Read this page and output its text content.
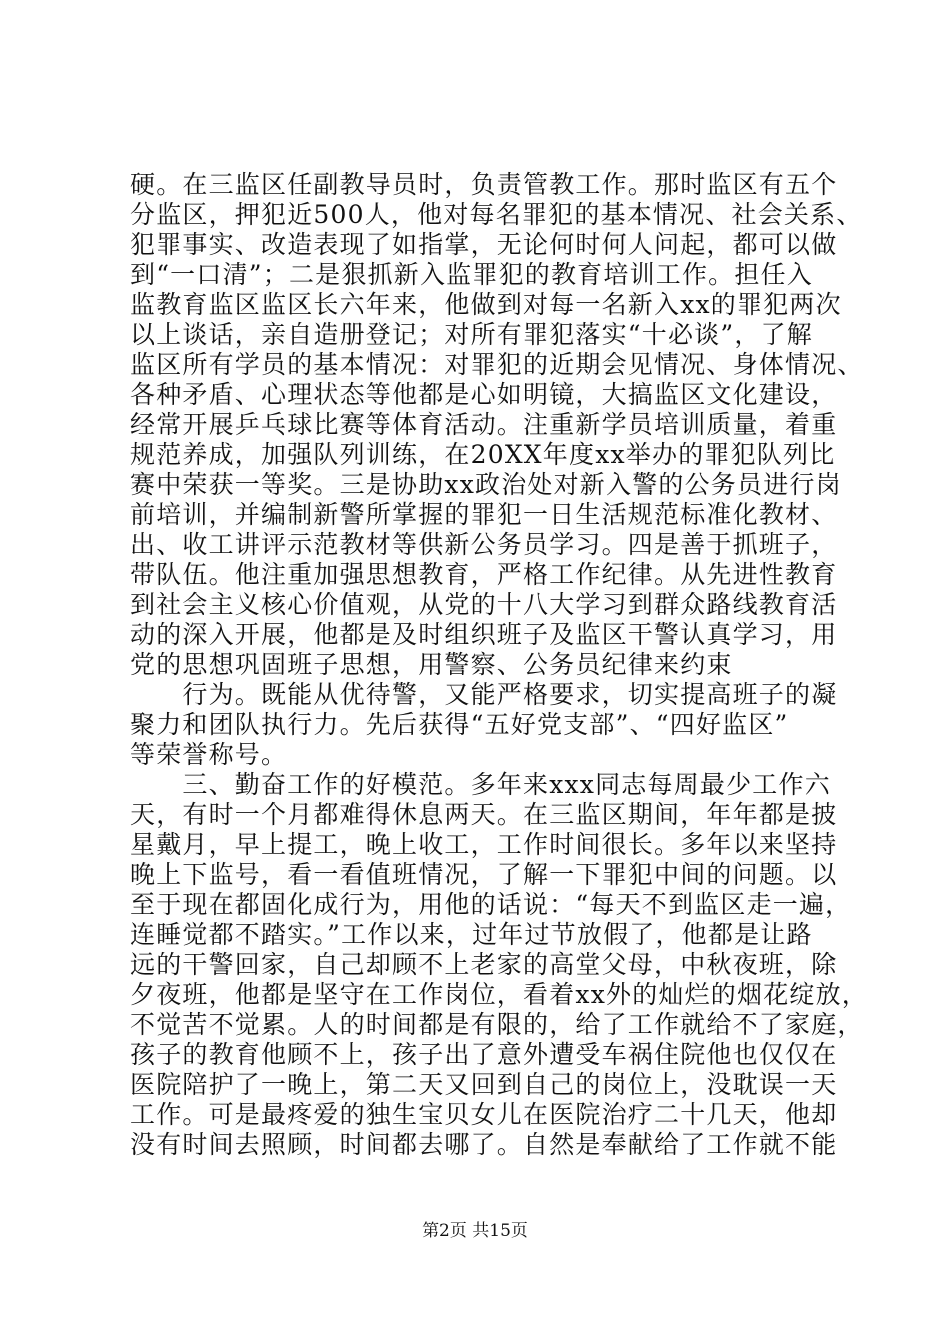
硬。在三监区任副教导员时，负责管教工作。那时监区有五个
分监区，押犯近500人，他对每名罪犯的基本情况、社会关系、
犯罪事实、改造表现了如指掌，无论何时何人问起，都可以做
到“一口清”；二是狠抓新入监罪犯的教育培训工作。担任入
监教育监区监区长六年来，他做到对每一名新入xx的罪犯两次
以上谈话，亲自造册登记；对所有罪犯落实“十必谈”，了解
监区所有学员的基本情况：对罪犯的近期会见情况、身体情况、
各种矛盾、心理状态等他都是心如明镜，大搞监区文化建设，
经常开展乒乓球比赛等体育活动。注重新学员培训质量，着重
规范养成，加强队列训练，在20XX年度xx举办的罪犯队列比
赛中荣获一等奖。三是协助xx政治处对新入警的公务员进行岗
前培训，并编制新警所掌握的罪犯一日生活规范标准化教材、
出、收工讲评示范教材等供新公务员学习。四是善于抓班子，
带队伍。他注重加强思想教育，严格工作纪律。从先进性教育
到社会主义核心价值观，从党的十八大学习到群众路线教育活
动的深入开展，他都是及时组织班子及监区干警认真学习，用
党的思想巩固班子思想，用警察、公务员纪律来约束
　　行为。既能从优待警，又能严格要求，切实提高班子的凝
聚力和团队执行力。先后获得“五好党支部”、“四好监区”
等荣誉称号。
　　三、勤奋工作的好模范。多年来xxx同志每周最少工作六
天，有时一个月都难得休息两天。在三监区期间，年年都是披
星戴月，早上提工，晚上收工，工作时间很长。多年以来坚持
晚上下监号，看一看值班情况，了解一下罪犯中间的问题。以
至于现在都固化成行为，用他的话说：“每天不到监区走一遍，
连睡觉都不踏实。”工作以来，过年过节放假了，他都是让路
远的干警回家，自己却顾不上老家的高堂父母，中秋夜班，除
夕夜班，他都是坚守在工作岗位，看着xx外的灿烂的烟花绽放，
不觉苦不觉累。人的时间都是有限的，给了工作就给不了家庭，
孩子的教育他顾不上，孩子出了意外遭受车祸住院他也仅仅在
医院陪护了一晚上，第二天又回到自己的岗位上，没耽误一天
工作。可是最疼爱的独生宝贝女儿在医院治疗二十几天，他却
没有时间去照顾，时间都去哪了。自然是奉献给了工作就不能
第2页 共15页
